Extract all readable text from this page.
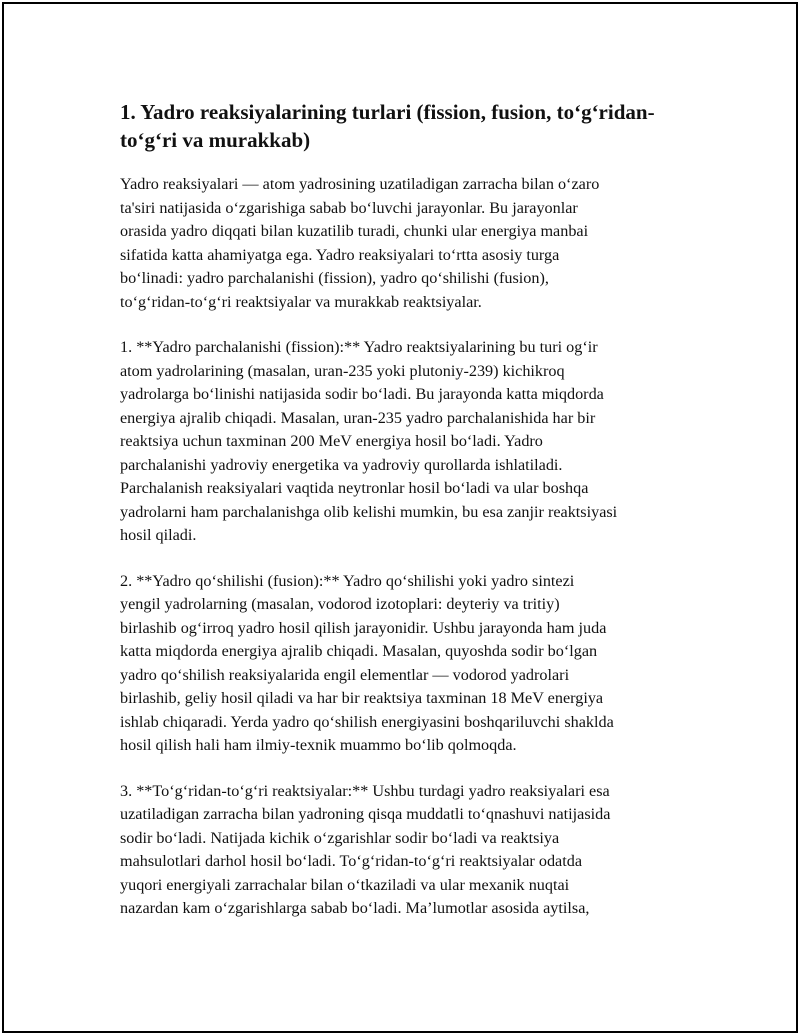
1. Yadro reaksiyalarining turlari (fission, fusion, to‘g‘ridan- to‘g‘ri va murakkab)

Yadro reaksiyalari — atom yadrosining uzatiladigan zarracha bilan o‘zaro
ta'siri natijasida o‘zgarishiga sabab bo‘luvchi jarayonlar. Bu jarayonlar
orasida yadro diqqati bilan kuzatilib turadi, chunki ular energiya manbai
sifatida katta ahamiyatga ega. Yadro reaksiyalari to‘rtta asosiy turga
bo‘linadi: yadro parchalanishi (fission), yadro qo‘shilishi (fusion),
to‘g‘ridan-to‘g‘ri reaktsiyalar va murakkab reaktsiyalar.

1. **Yadro parchalanishi (fission):** Yadro reaktsiyalarining bu turi og‘ir
atom yadrolarining (masalan, uran-235 yoki plutoniy-239) kichikroq
yadrolarga bo‘linishi natijasida sodir bo‘ladi. Bu jarayonda katta miqdorda
energiya ajralib chiqadi. Masalan, uran-235 yadro parchalanishida har bir
reaktsiya uchun taxminan 200 MeV energiya hosil bo‘ladi. Yadro
parchalanishi yadroviy energetika va yadroviy qurollarda ishlatiladi.
Parchalanish reaksiyalari vaqtida neytronlar hosil bo‘ladi va ular boshqa
yadrolarni ham parchalanishga olib kelishi mumkin, bu esa zanjir reaktsiyasi
hosil qiladi.

2. **Yadro qo‘shilishi (fusion):** Yadro qo‘shilishi yoki yadro sintezi
yengil yadrolarning (masalan, vodorod izotoplari: deyteriy va tritiy)
birlashib og‘irroq yadro hosil qilish jarayonidir. Ushbu jarayonda ham juda
katta miqdorda energiya ajralib chiqadi. Masalan, quyoshda sodir bo‘lgan
yadro qo‘shilish reaksiyalarida engil elementlar — vodorod yadrolari
birlashib, geliy hosil qiladi va har bir reaktsiya taxminan 18 MeV energiya
ishlab chiqaradi. Yerda yadro qo‘shilish energiyasini boshqariluvchi shaklda
hosil qilish hali ham ilmiy-texnik muammo bo‘lib qolmoqda.

3. **To‘g‘ridan-to‘g‘ri reaktsiyalar:** Ushbu turdagi yadro reaksiyalari esa
uzatiladigan zarracha bilan yadroning qisqa muddatli to‘qnashuvi natijasida
sodir bo‘ladi. Natijada kichik o‘zgarishlar sodir bo‘ladi va reaktsiya
mahsulotlari darhol hosil bo‘ladi. To‘g‘ridan-to‘g‘ri reaktsiyalar odatda
yuqori energiyali zarrachalar bilan o‘tkaziladi va ular mexanik nuqtai
nazardan kam o‘zgarishlarga sabab bo‘ladi. Ma’lumotlar asosida aytilsa,
